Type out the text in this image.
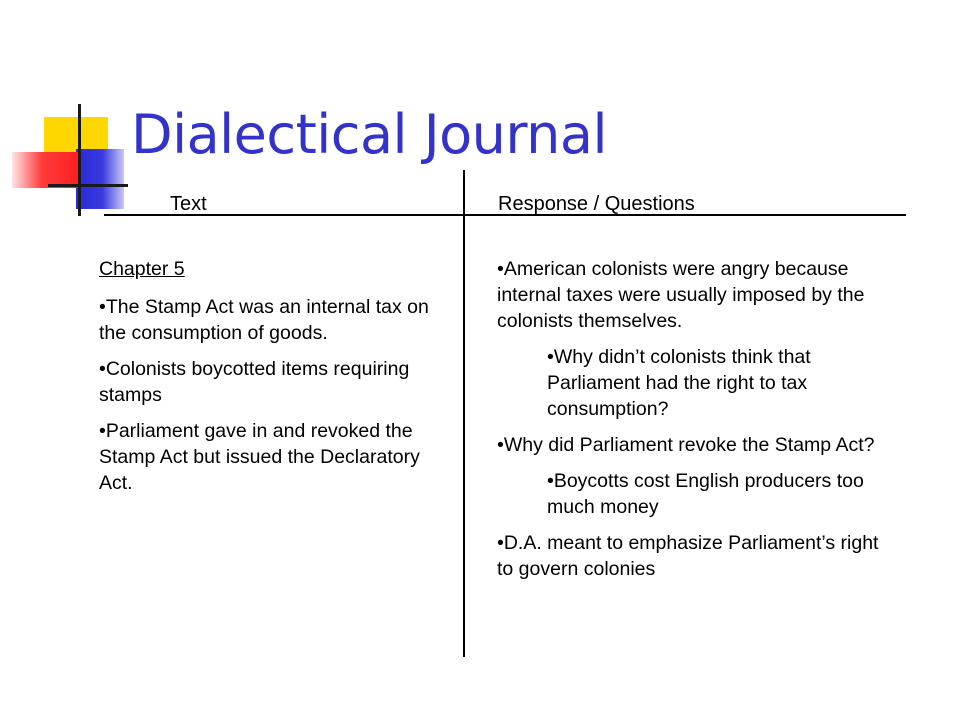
Dialectical Journal
Text	Response / Questions

Chapter 5

•The Stamp Act was an internal tax on the consumption of goods.

•Colonists boycotted items requiring stamps

•Parliament gave in and revoked the Stamp Act but issued the Declaratory Act.

•American colonists were angry because internal taxes were usually imposed by the colonists themselves.

•Why didn’t colonists think that Parliament had the right to tax consumption?

•Why did Parliament revoke the Stamp Act?

•Boycotts cost English producers too much money

•D.A. meant to emphasize Parliament’s right to govern colonies
